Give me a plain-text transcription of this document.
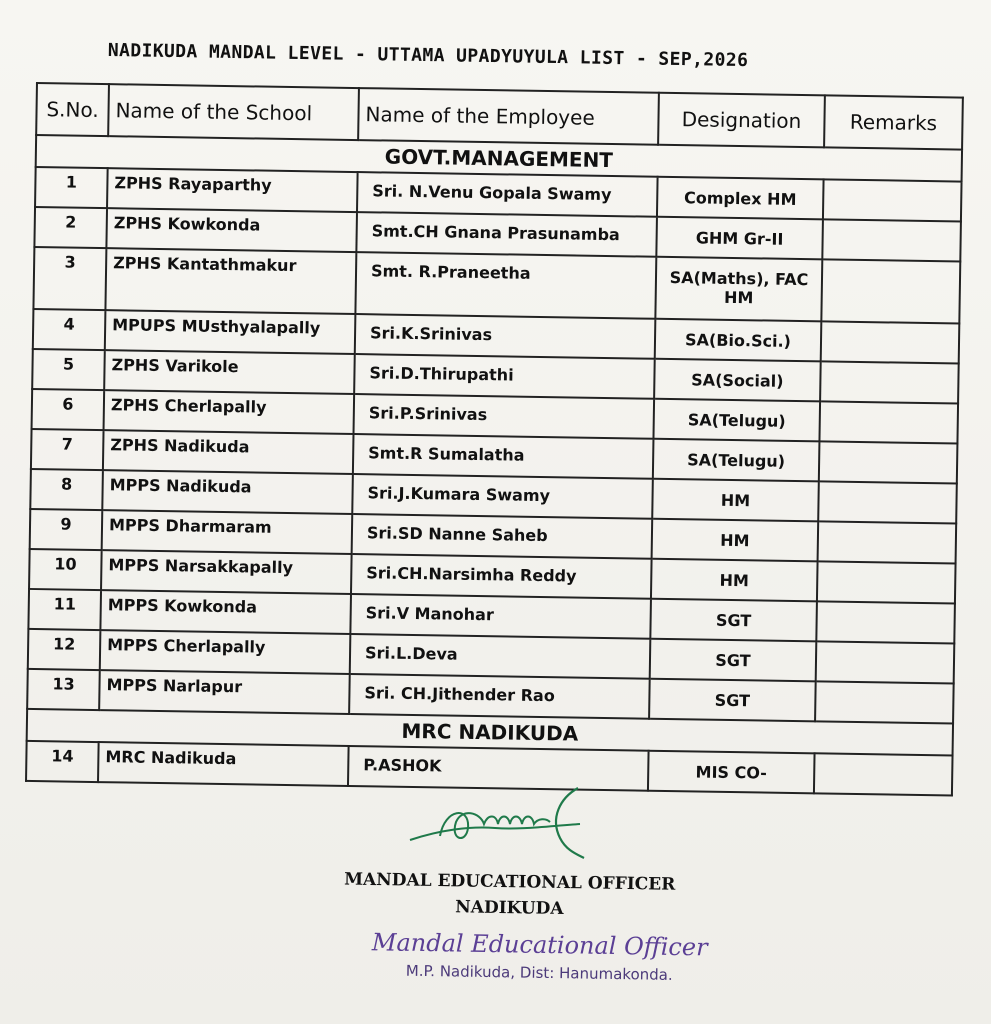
NADIKUDA MANDAL LEVEL - UTTAMA UPADYUYULA LIST - SEP,2026
S.No.	Name of the School	Name of the Employee	Designation	Remarks
GOVT.MANAGEMENT				
1	ZPHS Rayaparthy	Sri. N.Venu Gopala Swamy	Complex HM	
2	ZPHS Kowkonda	Smt.CH Gnana Prasunamba	GHM Gr-II	
3	ZPHS Kantathmakur	Smt. R.Praneetha	SA(Maths), FAC HM	
4	MPUPS MUsthyalapally	Sri.K.Srinivas	SA(Bio.Sci.)	
5	ZPHS Varikole	Sri.D.Thirupathi	SA(Social)	
6	ZPHS Cherlapally	Sri.P.Srinivas	SA(Telugu)	
7	ZPHS Nadikuda	Smt.R Sumalatha	SA(Telugu)	
8	MPPS Nadikuda	Sri.J.Kumara Swamy	HM	
9	MPPS Dharmaram	Sri.SD Nanne Saheb	HM	
10	MPPS Narsakkapally	Sri.CH.Narsimha Reddy	HM	
11	MPPS Kowkonda	Sri.V Manohar	SGT	
12	MPPS Cherlapally	Sri.L.Deva	SGT	
13	MPPS Narlapur	Sri. CH.Jithender Rao	SGT	
MRC NADIKUDA				
14	MRC Nadikuda	P.ASHOK	MIS CO-	
MANDAL EDUCATIONAL OFFICER
NADIKUDA
Mandal Educational Officer
M.P. Nadikuda, Dist: Hanumakonda.
